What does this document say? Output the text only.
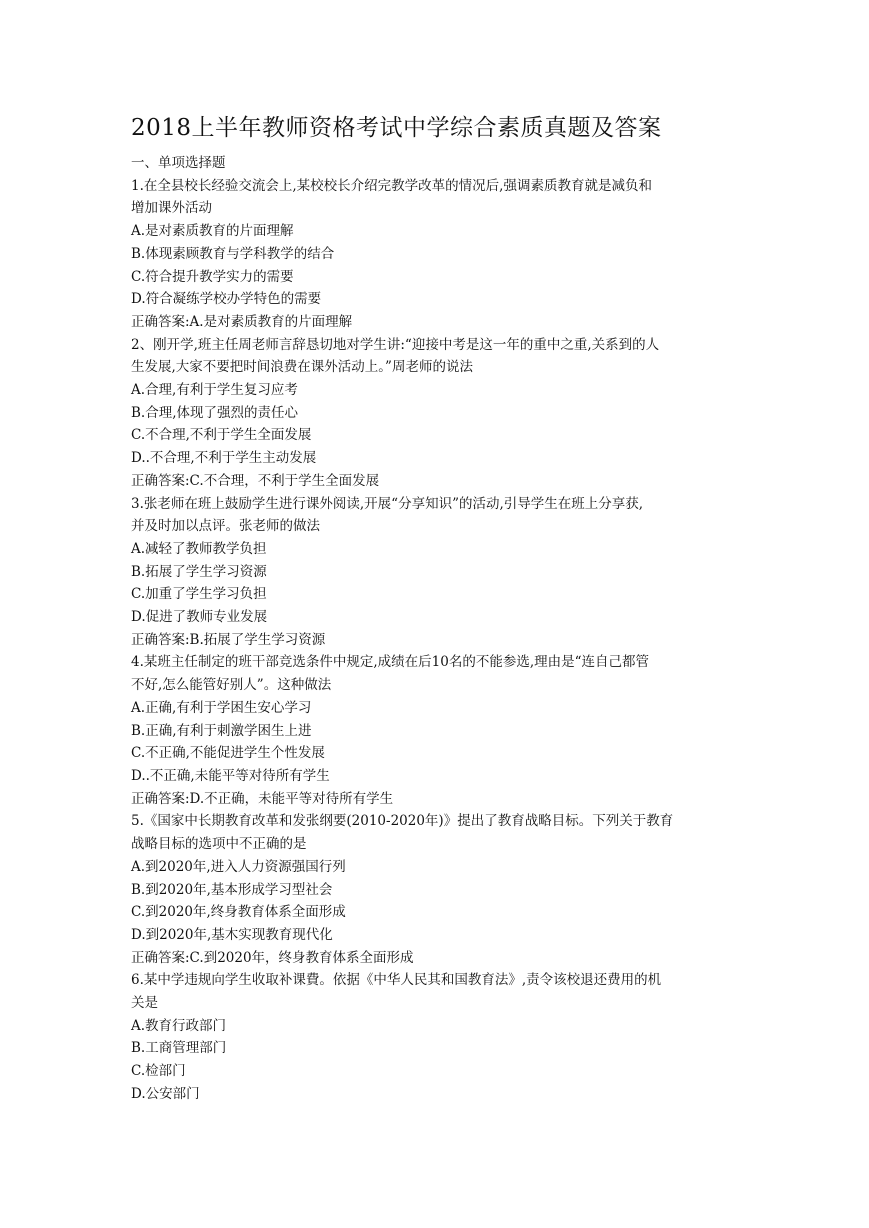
2018上半年教师资格考试中学综合素质真题及答案
一、单项选择题
1.在全县校长经验交流会上,某校校长介绍完教学改革的情况后,强调素质教育就是减负和
增加课外活动
A.是对素质教育的片面理解
B.体现素顾教育与学科教学的结合
C.符合提升教学实力的需要
D.符合凝练学校办学特色的需要
正确答案:A.是对素质教育的片面理解
2、刚开学,班主任周老师言辞恳切地对学生讲:“迎接中考是这一年的重中之重,关系到的人
生发展,大家不要把时间浪费在课外活动上。”周老师的说法
A.合理,有利于学生复习应考
B.合理,体现了强烈的责任心
C.不合理,不利于学生全面发展
D..不合理,不利于学生主动发展
正确答案:C.不合理，不利于学生全面发展
3.张老师在班上鼓励学生进行课外阅读,开展“分享知识”的活动,引导学生在班上分享获,
并及时加以点评。张老师的做法
A.减轻了教师教学负担
B.拓展了学生学习资源
C.加重了学生学习负担
D.促进了教师专业发展
正确答案:B.拓展了学生学习资源
4.某班主任制定的班干部竞选条件中规定,成绩在后10名的不能参选,理由是“连自己都管
不好,怎么能管好别人”。这种做法
A.正确,有利于学困生安心学习
B.正确,有利于刺激学困生上进
C.不正确,不能促进学生个性发展
D..不正确,未能平等对待所有学生
正确答案:D.不正确，未能平等对待所有学生
5.《国家中长期教育改革和发张纲要(2010-2020年)》提出了教育战略目标。下列关于教育
战略目标的选项中不正确的是
A.到2020年,进入人力资源强国行列
B.到2020年,基本形成学习型社会
C.到2020年,终身教育体系全面形成
D.到2020年,基木实现教育现代化
正确答案:C.到2020年，终身教育体系全面形成
6.某中学违规向学生收取补课費。依据《中华人民其和国教育法》,责令该校退还费用的机
关是
A.教育行政部门
B.工商管理部门
C.检部门
D.公安部门
